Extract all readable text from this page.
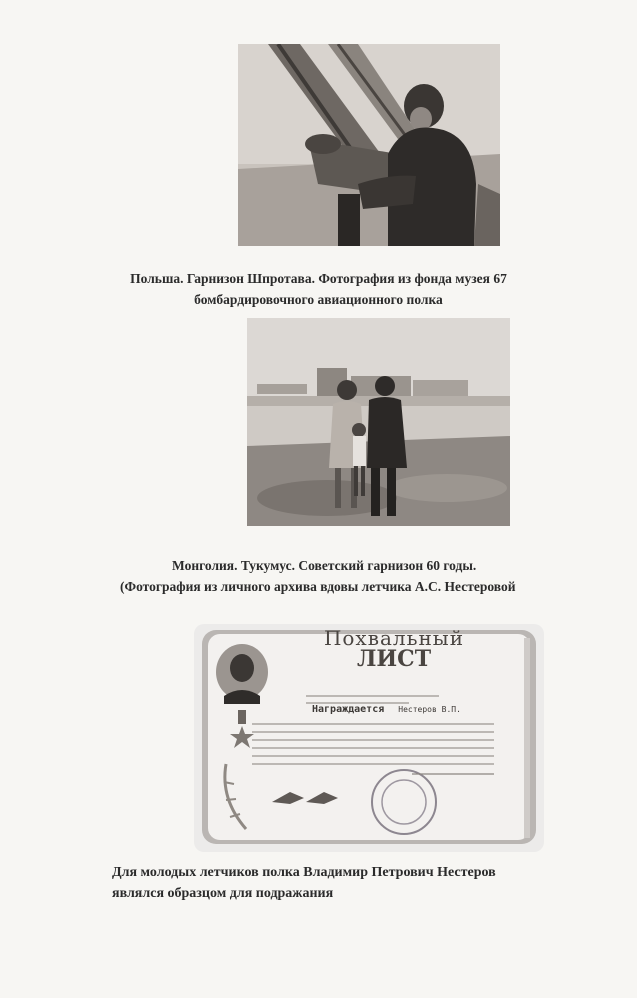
Польша. Гарнизон Шпротава. Фотография из фонда музея 67
бомбардировочного авиационного полка
Монголия. Тукумус. Советский гарнизон 60 годы.
(Фотография из личного архива вдовы летчика А.С. Нестеровой
Похвальный
ЛИСТ
Награждается Нестеров В.П.
Для молодых летчиков полка Владимир Петрович Нестеров
являлся образцом для подражания
